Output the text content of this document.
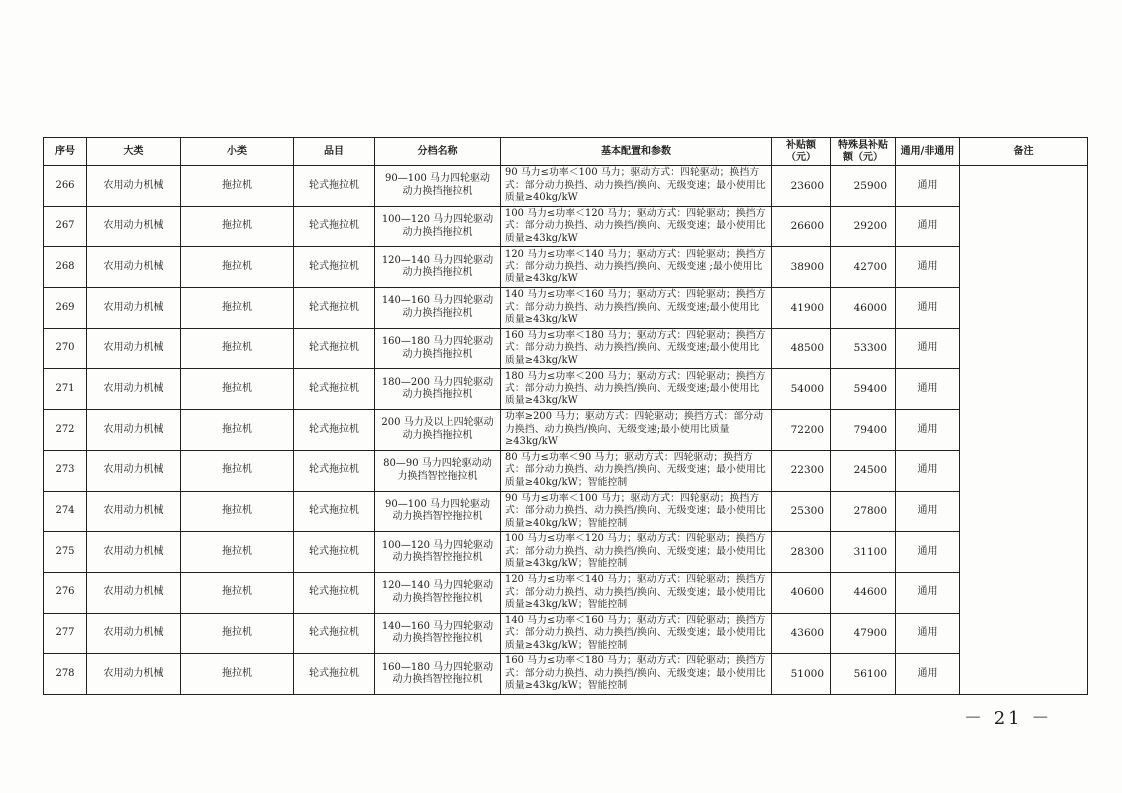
序号	大类	小类	品目	分档名称	基本配置和参数	补贴额（元）	特殊县补贴额（元）	通用/非通用	备注
266	农用动力机械	拖拉机	轮式拖拉机	90—100 马力四轮驱动动力换挡拖拉机	90 马力≤功率＜100 马力；驱动方式：四轮驱动；换挡方式：部分动力换挡、动力换挡/换向、无级变速；最小使用比质量≥40kg/kW	23600	25900	通用	
267	农用动力机械	拖拉机	轮式拖拉机	100—120 马力四轮驱动动力换挡拖拉机	100 马力≤功率＜120 马力；驱动方式：四轮驱动；换挡方式：部分动力换挡、动力换挡/换向、无级变速；最小使用比质量≥43kg/kW	26600	29200	通用	
268	农用动力机械	拖拉机	轮式拖拉机	120—140 马力四轮驱动动力换挡拖拉机	120 马力≤功率＜140 马力；驱动方式：四轮驱动；换挡方式：部分动力换挡、动力换挡/换向、无级变速 ;最小使用比质量≥43kg/kW	38900	42700	通用	
269	农用动力机械	拖拉机	轮式拖拉机	140—160 马力四轮驱动动力换挡拖拉机	140 马力≤功率＜160 马力；驱动方式：四轮驱动；换挡方式：部分动力换挡、动力换挡/换向、无级变速;最小使用比质量≥43kg/kW	41900	46000	通用	
270	农用动力机械	拖拉机	轮式拖拉机	160—180 马力四轮驱动动力换挡拖拉机	160 马力≤功率＜180 马力；驱动方式：四轮驱动；换挡方式：部分动力换挡、动力换挡/换向、无级变速;最小使用比质量≥43kg/kW	48500	53300	通用	
271	农用动力机械	拖拉机	轮式拖拉机	180—200 马力四轮驱动动力换挡拖拉机	180 马力≤功率＜200 马力；驱动方式：四轮驱动；换挡方式：部分动力换挡、动力换挡/换向、无级变速;最小使用比质量≥43kg/kW	54000	59400	通用	
272	农用动力机械	拖拉机	轮式拖拉机	200 马力及以上四轮驱动动力换挡拖拉机	功率≥200 马力；驱动方式：四轮驱动；换挡方式：部分动力换挡、动力换挡/换向、无级变速;最小使用比质量≥43kg/kW	72200	79400	通用	
273	农用动力机械	拖拉机	轮式拖拉机	80—90 马力四轮驱动动力换挡智控拖拉机	80 马力≤功率＜90 马力；驱动方式：四轮驱动；换挡方式：部分动力换挡、动力换挡/换向、无级变速；最小使用比质量≥40kg/kW；智能控制	22300	24500	通用	
274	农用动力机械	拖拉机	轮式拖拉机	90—100 马力四轮驱动动力换挡智控拖拉机	90 马力≤功率＜100 马力；驱动方式：四轮驱动；换挡方式：部分动力换挡、动力换挡/换向、无级变速；最小使用比质量≥40kg/kW；智能控制	25300	27800	通用	
275	农用动力机械	拖拉机	轮式拖拉机	100—120 马力四轮驱动动力换挡智控拖拉机	100 马力≤功率＜120 马力；驱动方式：四轮驱动；换挡方式：部分动力换挡、动力换挡/换向、无级变速；最小使用比质量≥43kg/kW；智能控制	28300	31100	通用	
276	农用动力机械	拖拉机	轮式拖拉机	120—140 马力四轮驱动动力换挡智控拖拉机	120 马力≤功率＜140 马力；驱动方式：四轮驱动；换挡方式：部分动力换挡、动力换挡/换向、无级变速；最小使用比质量≥43kg/kW；智能控制	40600	44600	通用	
277	农用动力机械	拖拉机	轮式拖拉机	140—160 马力四轮驱动动力换挡智控拖拉机	140 马力≤功率＜160 马力；驱动方式：四轮驱动；换挡方式：部分动力换挡、动力换挡/换向、无级变速；最小使用比质量≥43kg/kW；智能控制	43600	47900	通用	
278	农用动力机械	拖拉机	轮式拖拉机	160—180 马力四轮驱动动力换挡智控拖拉机	160 马力≤功率＜180 马力；驱动方式：四轮驱动；换挡方式：部分动力换挡、动力换挡/换向、无级变速；最小使用比质量≥43kg/kW；智能控制	51000	56100	通用	
－ 21 －
